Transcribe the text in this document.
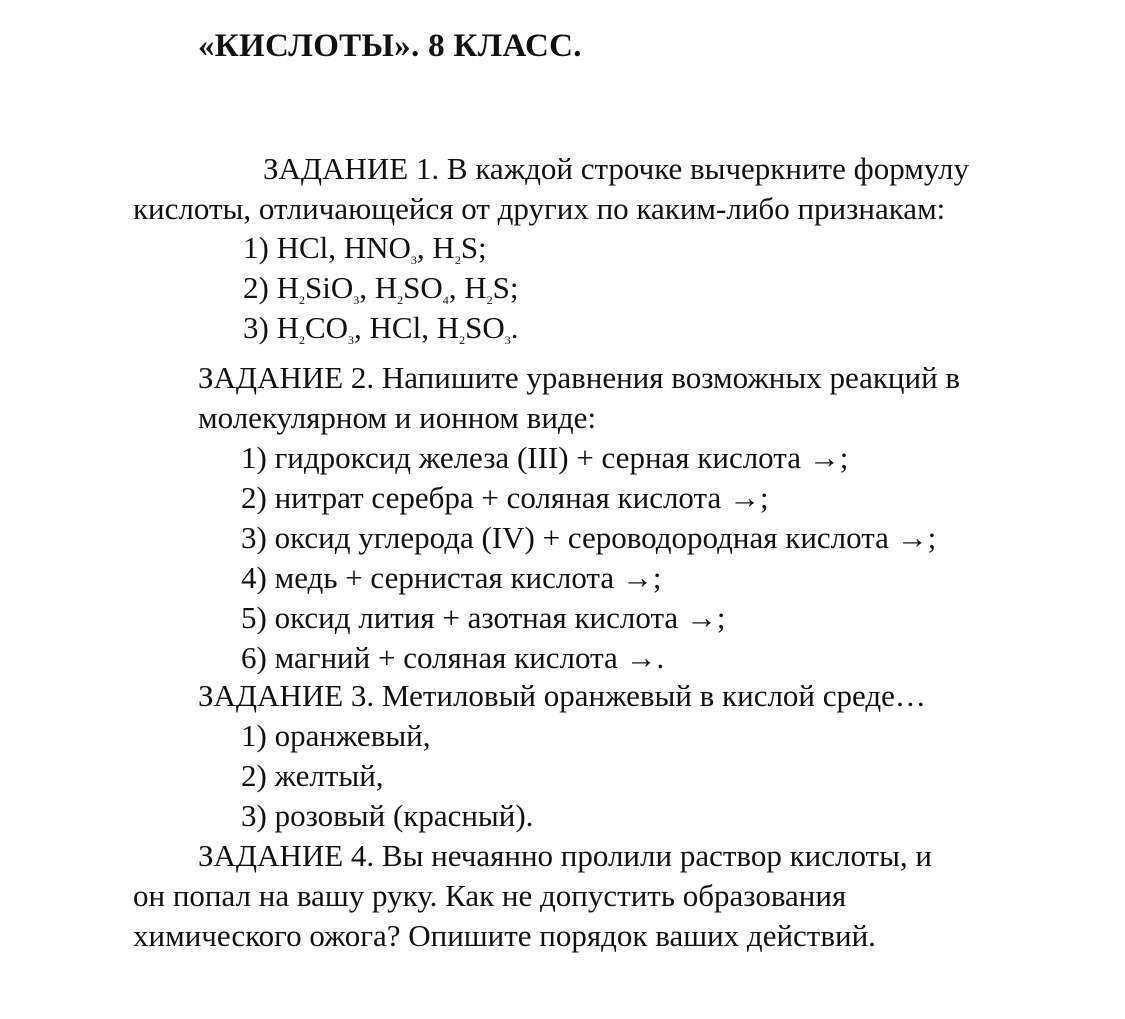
«КИСЛОТЫ». 8 КЛАСС.
ЗАДАНИЕ 1. В каждой строчке вычеркните формулу
кислоты, отличающейся от других по каким-либо признакам:
1) HCl, $HNO_3$, $H_2S$;
2) $H_2SiO_3$, $H_2SO_4$, $H_2S$;
3) $H_2CO_3$, HCl, $H_2SO_3$.
ЗАДАНИЕ 2. Напишите уравнения возможных реакций в
молекулярном и ионном виде:
1) гидроксид железа (III) + серная кислота →;
2) нитрат серебра + соляная кислота →;
3) оксид углерода (IV) + сероводородная кислота →;
4) медь + сернистая кислота →;
5) оксид лития + азотная кислота →;
6) магний + соляная кислота →.
ЗАДАНИЕ 3. Метиловый оранжевый в кислой среде…
1) оранжевый,
2) желтый,
3) розовый (красный).
ЗАДАНИЕ 4. Вы нечаянно пролили раствор кислоты, и
он попал на вашу руку. Как не допустить образования
химического ожога? Опишите порядок ваших действий.
